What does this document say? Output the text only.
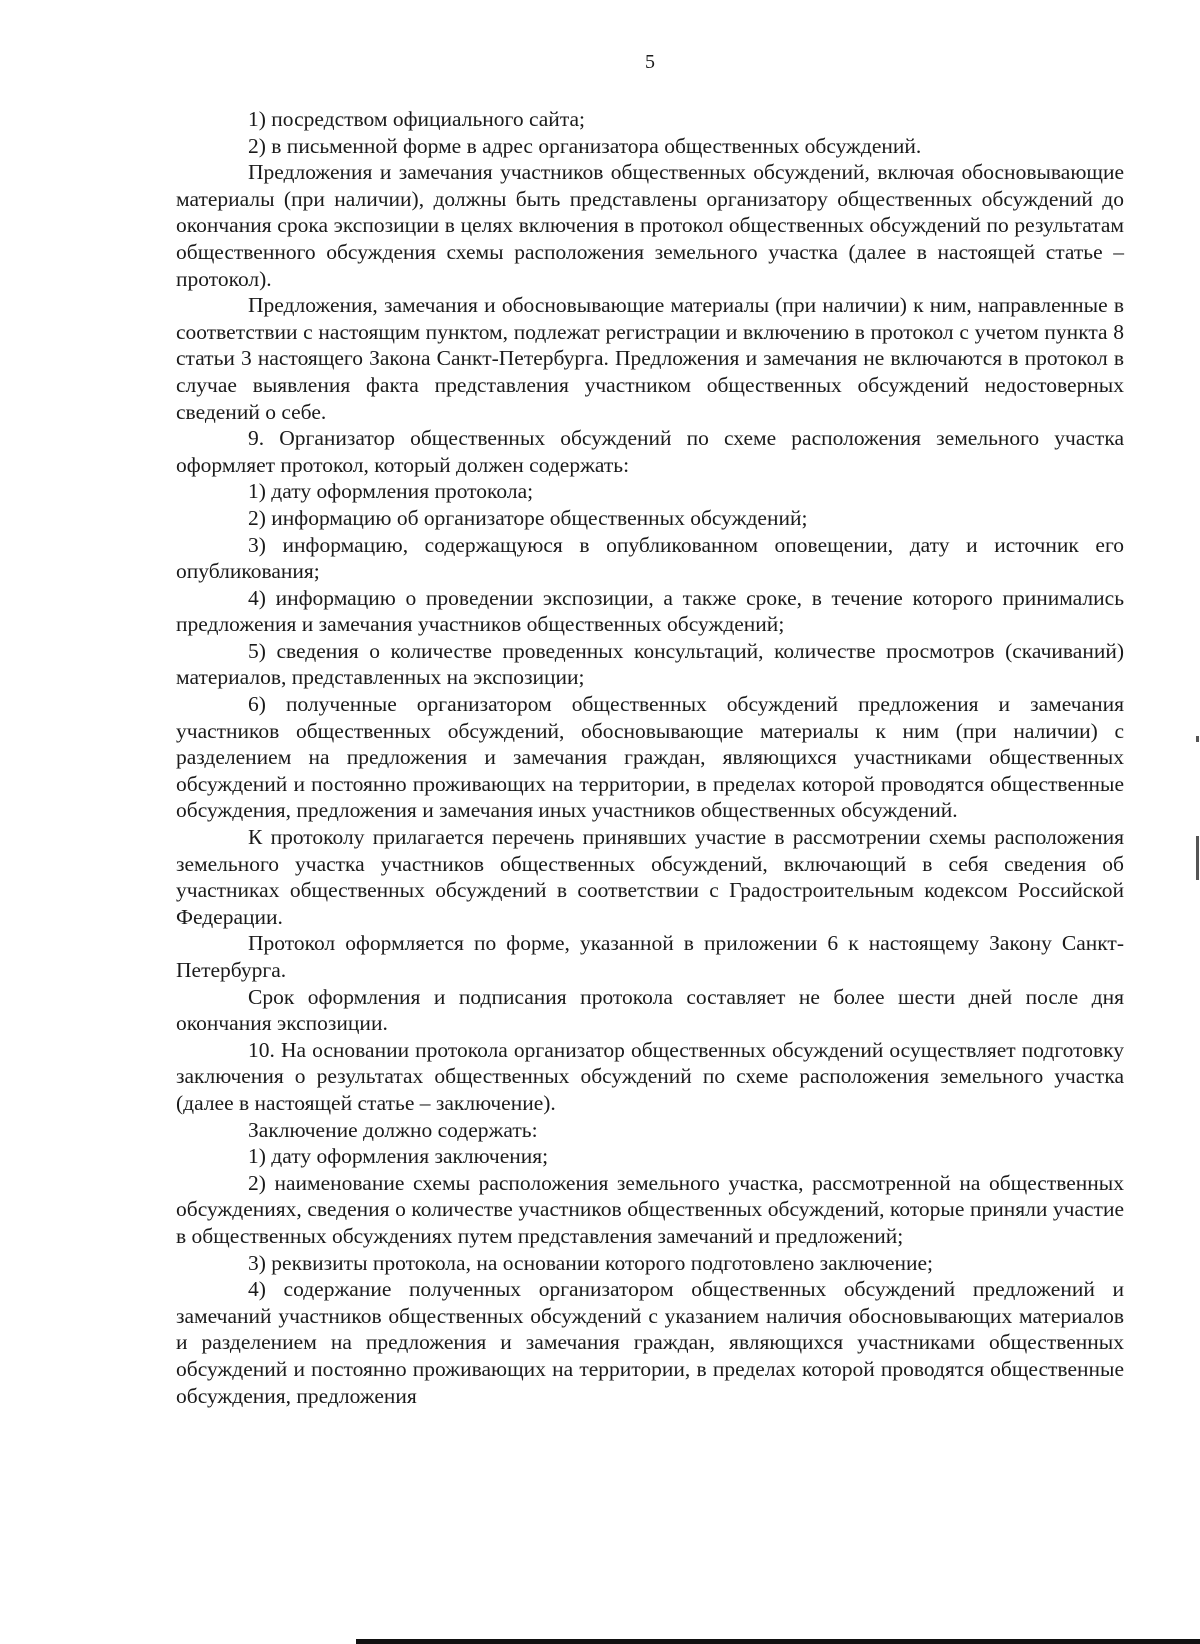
5

1) посредством официального сайта;

2) в письменной форме в адрес организатора общественных обсуждений.

Предложения и замечания участников общественных обсуждений, включая обосновывающие материалы (при наличии), должны быть представлены организатору общественных обсуждений до окончания срока экспозиции в целях включения в протокол общественных обсуждений по результатам общественного обсуждения схемы расположения земельного участка (далее в настоящей статье – протокол).

Предложения, замечания и обосновывающие материалы (при наличии) к ним, направленные в соответствии с настоящим пунктом, подлежат регистрации и включению в протокол с учетом пункта 8 статьи 3 настоящего Закона Санкт-Петербурга. Предложения и замечания не включаются в протокол в случае выявления факта представления участником общественных обсуждений недостоверных сведений о себе.

9. Организатор общественных обсуждений по схеме расположения земельного участка оформляет протокол, который должен содержать:

1) дату оформления протокола;

2) информацию об организаторе общественных обсуждений;

3) информацию, содержащуюся в опубликованном оповещении, дату и источник его опубликования;

4) информацию о проведении экспозиции, а также сроке, в течение которого принимались предложения и замечания участников общественных обсуждений;

5) сведения о количестве проведенных консультаций, количестве просмотров (скачиваний) материалов, представленных на экспозиции;

6) полученные организатором общественных обсуждений предложения и замечания участников общественных обсуждений, обосновывающие материалы к ним (при наличии) с разделением на предложения и замечания граждан, являющихся участниками общественных обсуждений и постоянно проживающих на территории, в пределах которой проводятся общественные обсуждения, предложения и замечания иных участников общественных обсуждений.

К протоколу прилагается перечень принявших участие в рассмотрении схемы расположения земельного участка участников общественных обсуждений, включающий в себя сведения об участниках общественных обсуждений в соответствии с Градостроительным кодексом Российской Федерации.

Протокол оформляется по форме, указанной в приложении 6 к настоящему Закону Санкт-Петербурга.

Срок оформления и подписания протокола составляет не более шести дней после дня окончания экспозиции.

10. На основании протокола организатор общественных обсуждений осуществляет подготовку заключения о результатах общественных обсуждений по схеме расположения земельного участка (далее в настоящей статье – заключение).

Заключение должно содержать:

1) дату оформления заключения;

2) наименование схемы расположения земельного участка, рассмотренной на общественных обсуждениях, сведения о количестве участников общественных обсуждений, которые приняли участие в общественных обсуждениях путем представления замечаний и предложений;

3) реквизиты протокола, на основании которого подготовлено заключение;

4) содержание полученных организатором общественных обсуждений предложений и замечаний участников общественных обсуждений с указанием наличия обосновывающих материалов и разделением на предложения и замечания граждан, являющихся участниками общественных обсуждений и постоянно проживающих на территории, в пределах которой проводятся общественные обсуждения, предложения
